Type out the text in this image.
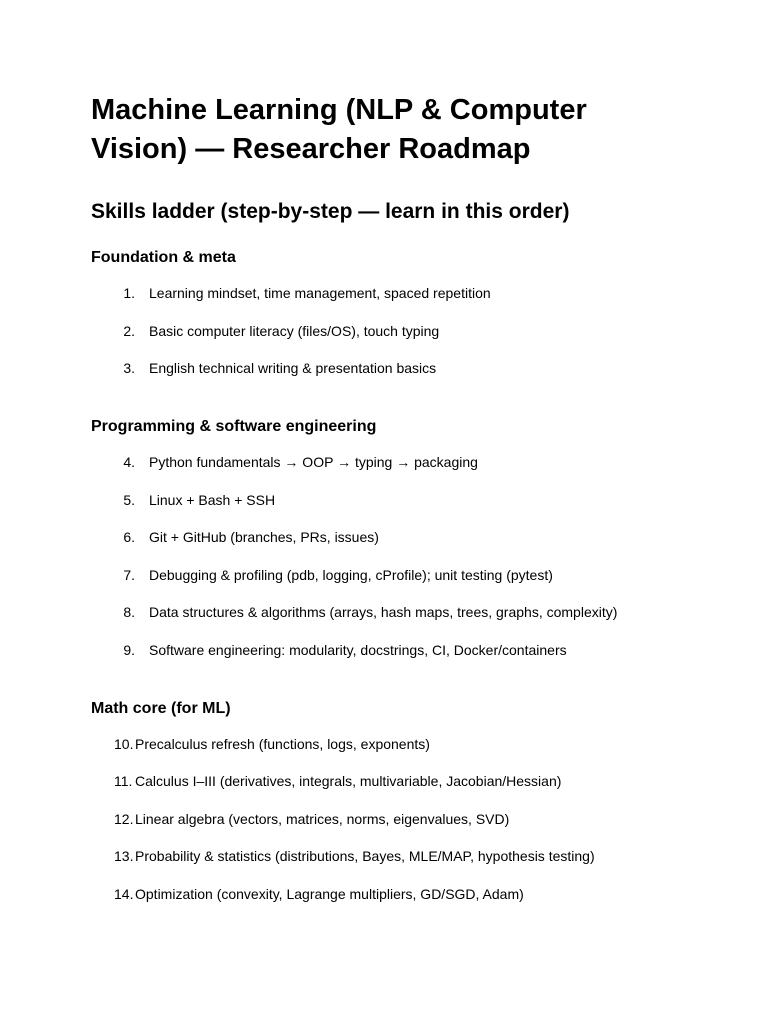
Machine Learning (NLP & Computer Vision) — Researcher Roadmap
Skills ladder (step-by-step — learn in this order)
Foundation & meta
1. Learning mindset, time management, spaced repetition
2. Basic computer literacy (files/OS), touch typing
3. English technical writing & presentation basics
Programming & software engineering
4. Python fundamentals → OOP → typing → packaging
5. Linux + Bash + SSH
6. Git + GitHub (branches, PRs, issues)
7. Debugging & profiling (pdb, logging, cProfile); unit testing (pytest)
8. Data structures & algorithms (arrays, hash maps, trees, graphs, complexity)
9. Software engineering: modularity, docstrings, CI, Docker/containers
Math core (for ML)
10. Precalculus refresh (functions, logs, exponents)
11. Calculus I–III (derivatives, integrals, multivariable, Jacobian/Hessian)
12. Linear algebra (vectors, matrices, norms, eigenvalues, SVD)
13. Probability & statistics (distributions, Bayes, MLE/MAP, hypothesis testing)
14. Optimization (convexity, Lagrange multipliers, GD/SGD, Adam)
